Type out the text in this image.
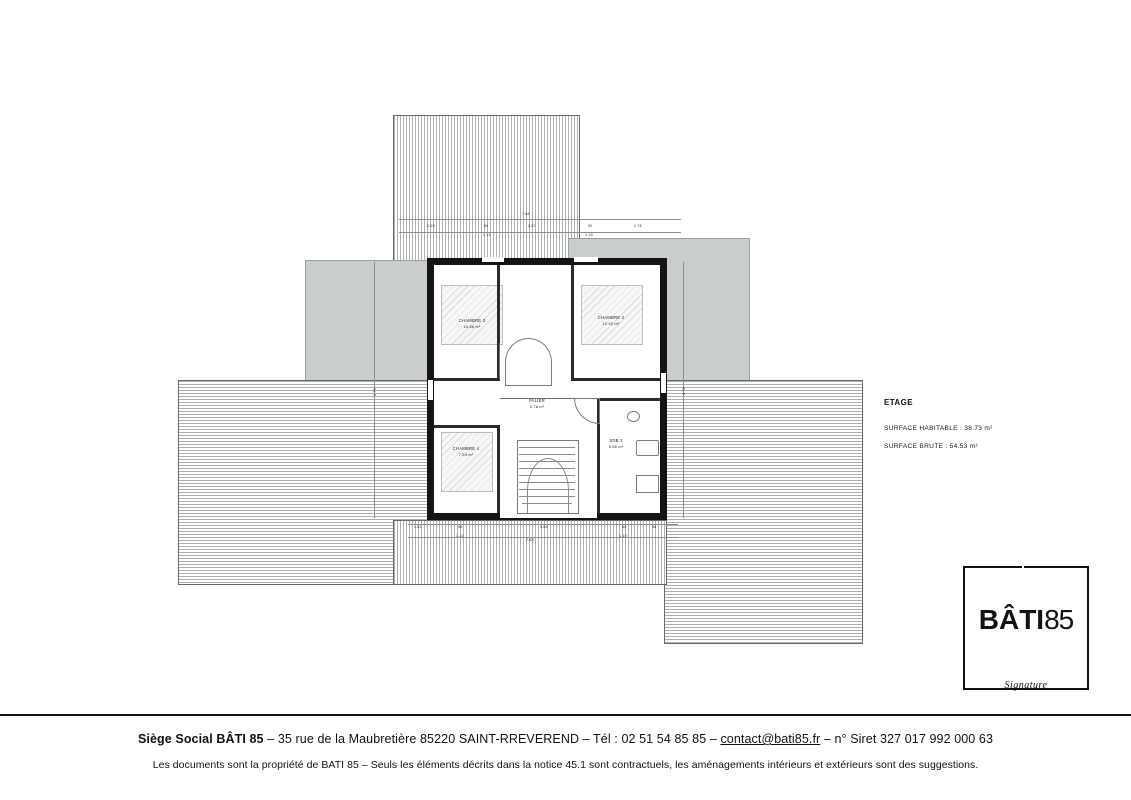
CHAMBRE 3
10.86 m²
CHAMBRE 2
10.92 m²
PALIER
3.76 m²
CHAMBRE 4
7.53 m²
SDB 2
5.66 m²
7.68
2.05	90
1.15
2.07	90
1.15
1.76
7.68
1.52	90
1.15
3.68	60
1.15
98
1.73	1.72
ETAGE
SURFACE HABITABLE : 38.73 m²
SURFACE BRUTE : 54.53 m²
BÂTI85
Signature
Siège Social BÂTI 85 – 35 rue de la Maubretière 85220 SAINT-RREVEREND – Tél : 02 51 54 85 85 – contact@bati85.fr – n° Siret 327 017 992 000 63
Les documents sont la propriété de BATI 85 – Seuls les éléments décrits dans la notice 45.1 sont contractuels, les aménagements intérieurs et extérieurs sont des suggestions.
